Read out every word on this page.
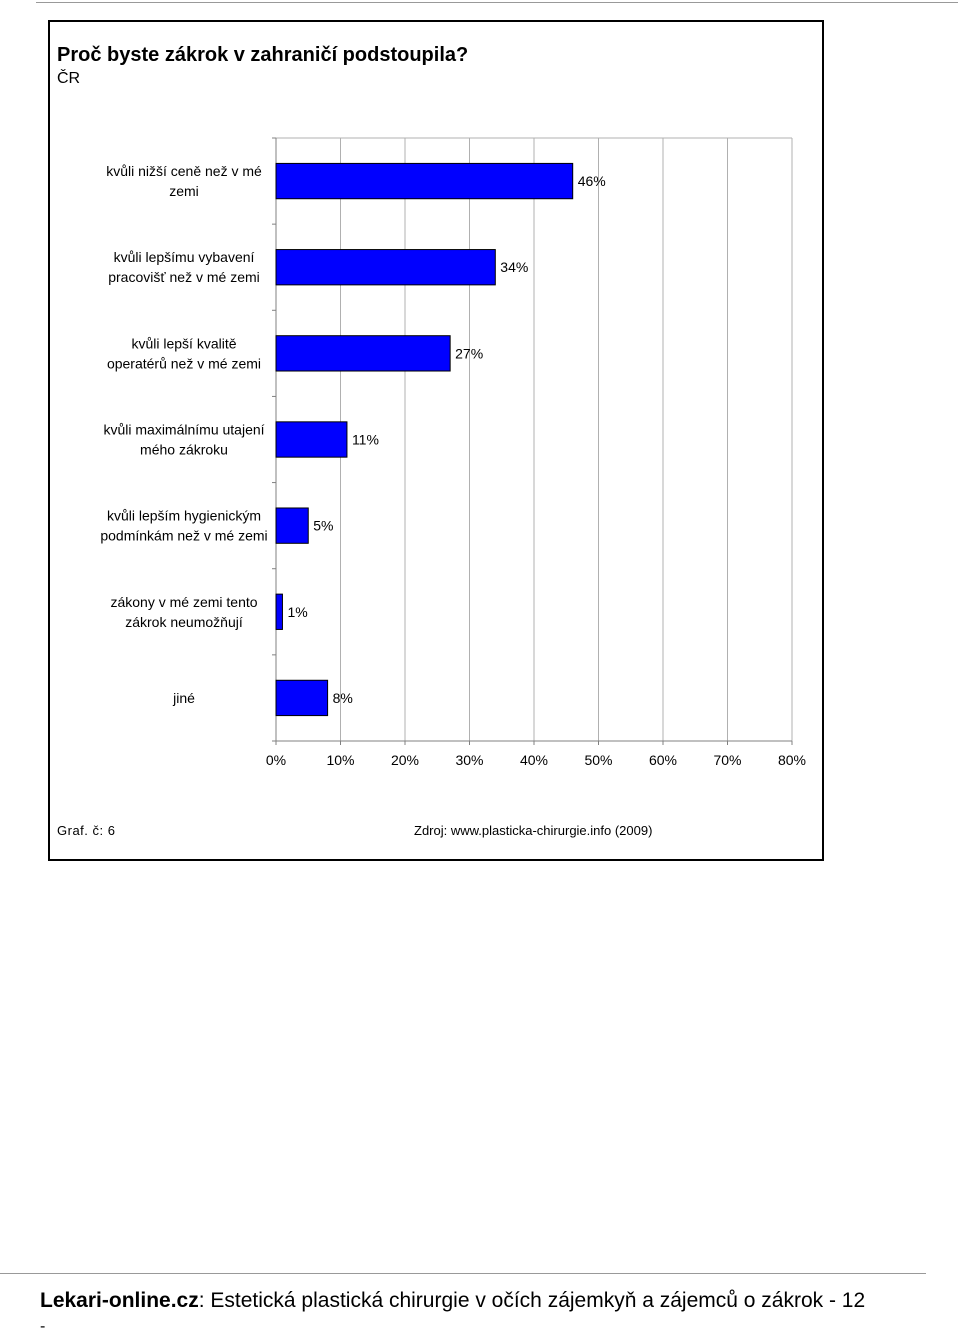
Proč byste zákrok v zahraničí podstoupila?
ČR
0%	10%	20%	30%	40%	50%	60%	70%	80%
46%
kvůli nižší ceně než v mé
zemi
34%
kvůli lepšímu vybavení
pracovišť než v mé zemi
27%
kvůli lepší kvalitě
operatérů než v mé zemi
11%
kvůli maximálnímu utajení
mého zákroku
5%
kvůli lepším hygienickým
podmínkám než v mé zemi
1%
zákony v mé zemi tento
zákrok neumožňují
8%
jiné
Graf. č: 6	Zdroj: www.plasticka-chirurgie.info (2009)
Lekari-online.cz: Estetická plastická chirurgie v očích zájemkyň a zájemců o zákrok - 12
-
